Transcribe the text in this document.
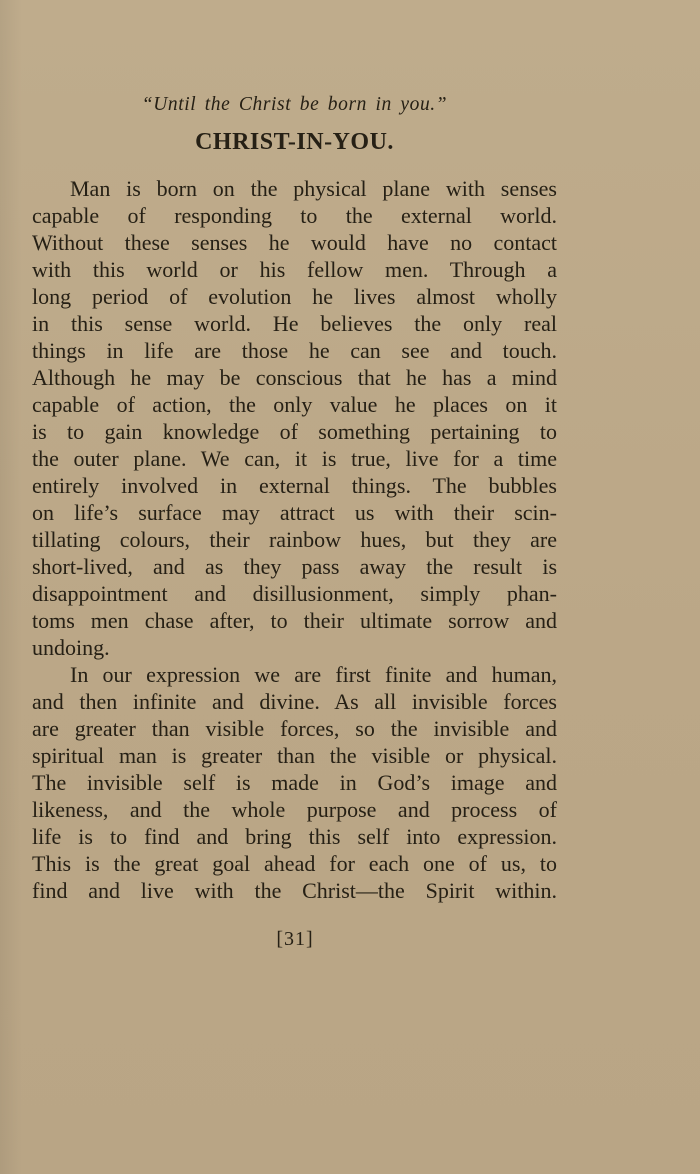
“Until the Christ be born in you.”
CHRIST-IN-YOU.
Man is born on the physical plane with senses
capable of responding to the external world.
Without these senses he would have no contact
with this world or his fellow men. Through a
long period of evolution he lives almost wholly
in this sense world. He believes the only real
things in life are those he can see and touch.
Although he may be conscious that he has a mind
capable of action, the only value he places on it
is to gain knowledge of something pertaining to
the outer plane. We can, it is true, live for a time
entirely involved in external things. The bubbles
on life’s surface may attract us with their scin-
tillating colours, their rainbow hues, but they are
short-lived, and as they pass away the result is
disappointment and disillusionment, simply phan-
toms men chase after, to their ultimate sorrow and
undoing.
In our expression we are first finite and human,
and then infinite and divine. As all invisible forces
are greater than visible forces, so the invisible and
spiritual man is greater than the visible or physical.
The invisible self is made in God’s image and
likeness, and the whole purpose and process of
life is to find and bring this self into expression.
This is the great goal ahead for each one of us, to
find and live with the Christ—the Spirit within.
[31]
